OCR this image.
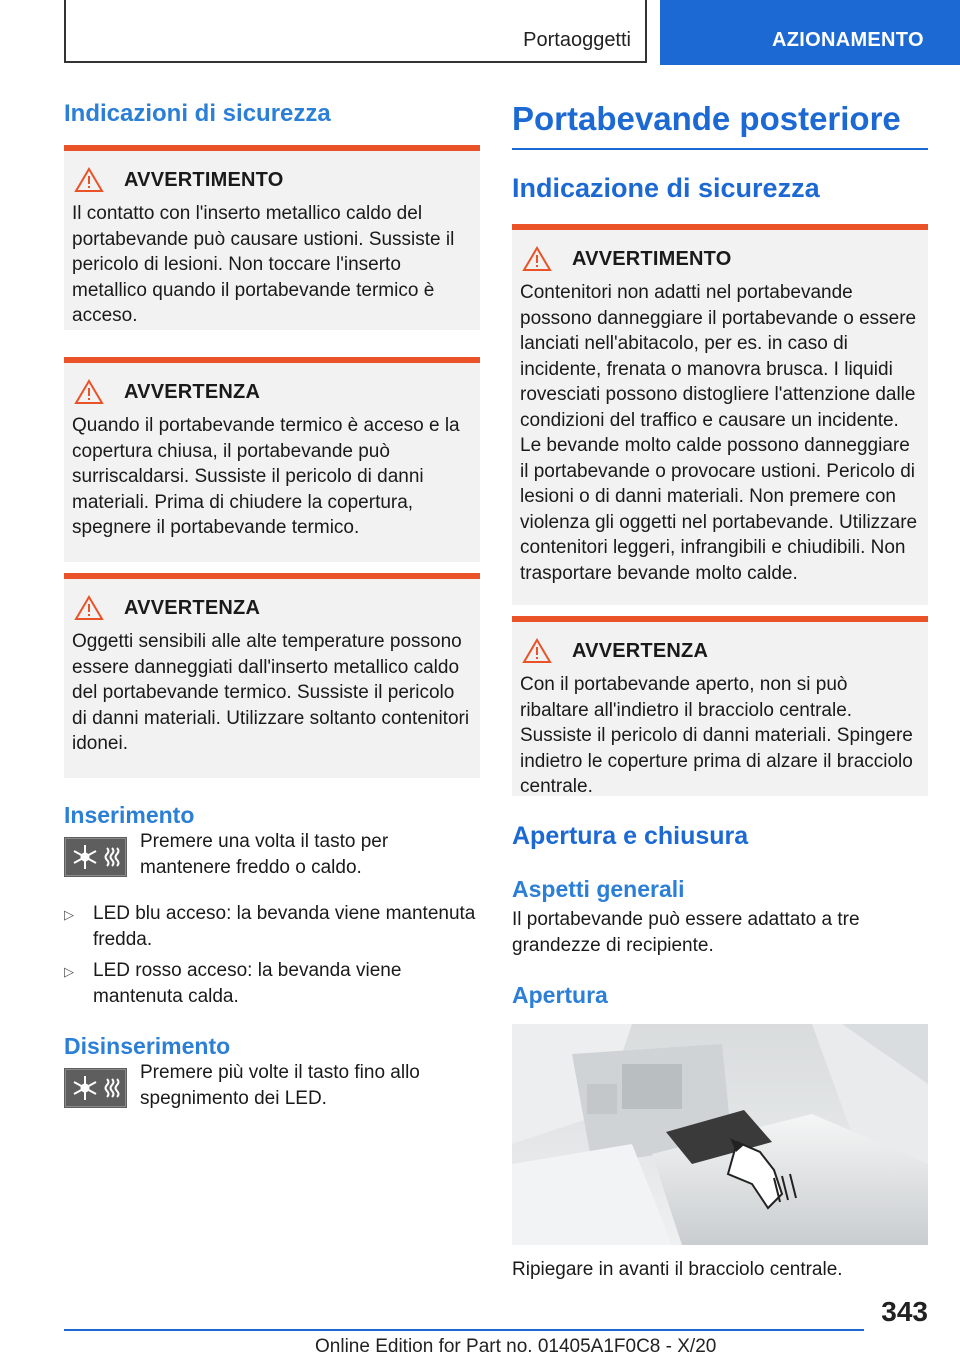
Portaoggetti	AZIONAMENTO
Indicazioni di sicurezza
AVVERTIMENTO
Il contatto con l'inserto metallico caldo del portabevande può causare ustioni. Sussiste il pericolo di lesioni. Non toccare l'inserto metallico quando il portabevande termico è acceso.
AVVERTENZA
Quando il portabevande termico è acceso e la copertura chiusa, il portabevande può surriscaldarsi. Sussiste il pericolo di danni materiali. Prima di chiudere la copertura, spegnere il portabevande termico.
AVVERTENZA
Oggetti sensibili alle alte temperature possono essere danneggiati dall'inserto metallico caldo del portabevande termico. Sussiste il pericolo di danni materiali. Utilizzare soltanto contenitori idonei.
Inserimento

Premere una volta il tasto per mantenere freddo o caldo.

▷ LED blu acceso: la bevanda viene mantenuta fredda.
▷ LED rosso acceso: la bevanda viene mantenuta calda.
Disinserimento

Premere più volte il tasto fino allo spegnimento dei LED.

Portabevande posteriore
Indicazione di sicurezza
AVVERTIMENTO
Contenitori non adatti nel portabevande possono danneggiare il portabevande o essere lanciati nell'abitacolo, per es. in caso di incidente, frenata o manovra brusca. I liquidi rovesciati possono distogliere l'attenzione dalle condizioni del traffico e causare un incidente. Le bevande molto calde possono danneggiare il portabevande o provocare ustioni. Pericolo di lesioni o di danni materiali. Non premere con violenza gli oggetti nel portabevande. Utilizzare contenitori leggeri, infrangibili e chiudibili. Non trasportare bevande molto calde.
AVVERTENZA
Con il portabevande aperto, non si può ribaltare all'indietro il bracciolo centrale. Sussiste il pericolo di danni materiali. Spingere indietro le coperture prima di alzare il bracciolo centrale.
Apertura e chiusura
Aspetti generali

Il portabevande può essere adattato a tre grandezze di recipiente.

Apertura

Ripiegare in avanti il bracciolo centrale.

343
Online Edition for Part no. 01405A1F0C8 - X/20
